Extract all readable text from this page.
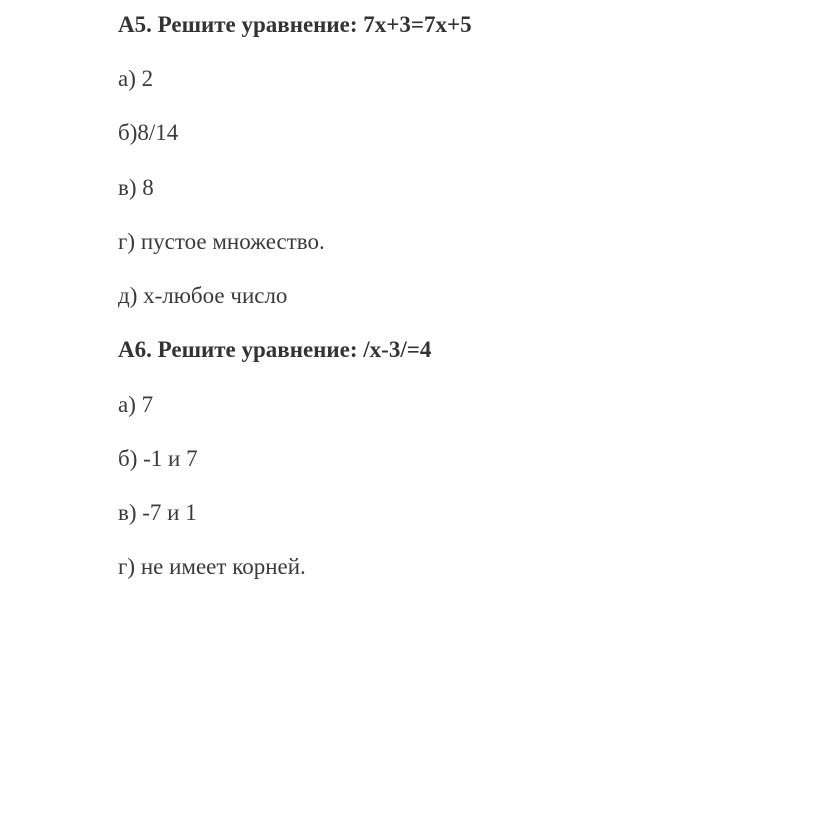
А5. Решите уравнение: 7х+3=7х+5
а) 2
б)8/14
в) 8
г) пустое множество.
д) х-любое число
А6. Решите уравнение: /х-3/=4
а) 7
б) -1 и 7
в) -7 и 1
г) не имеет корней.
